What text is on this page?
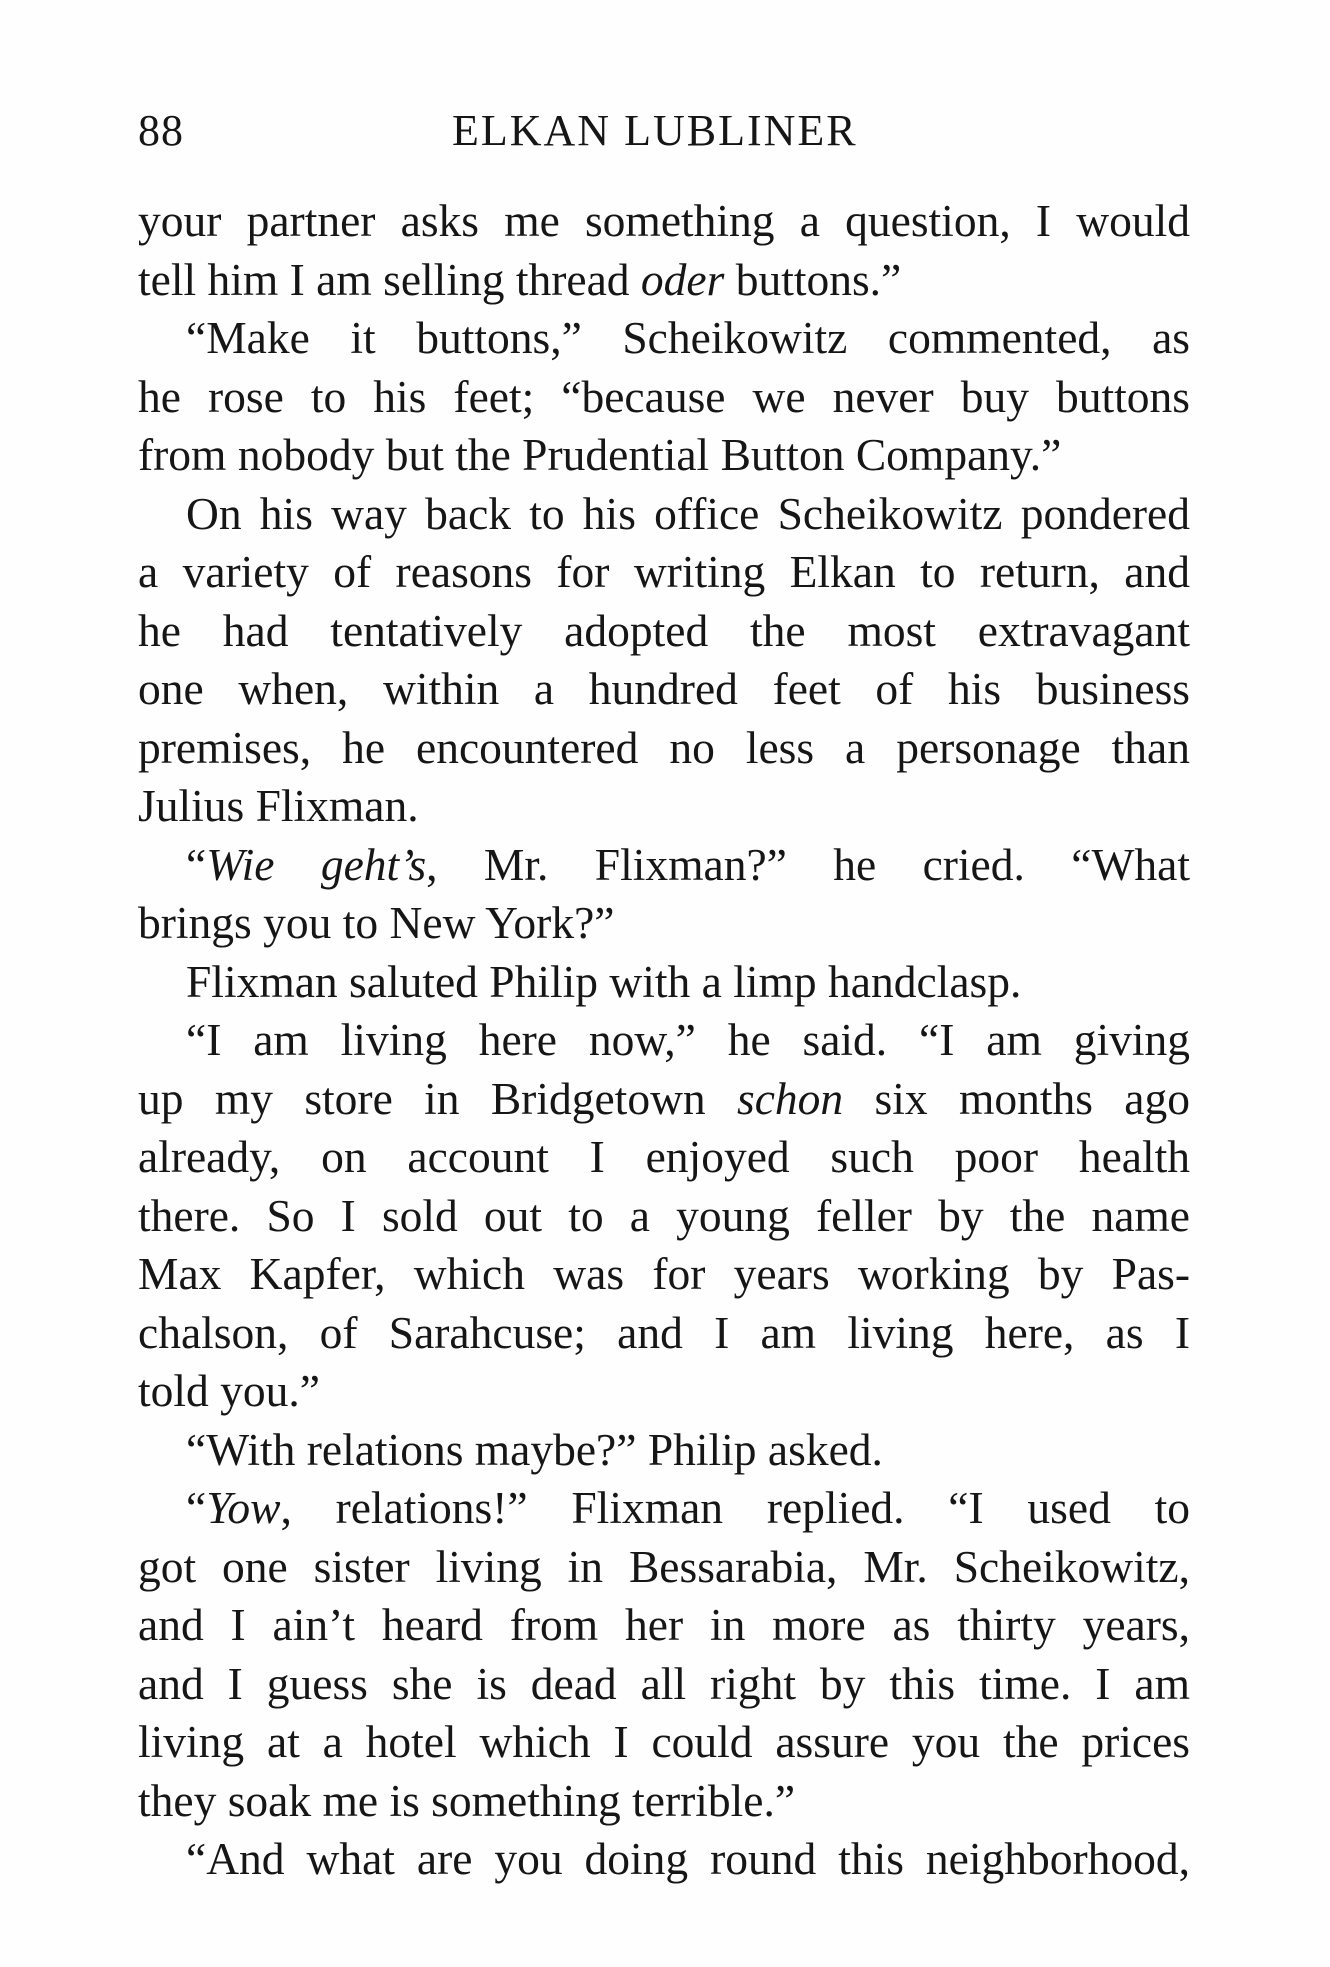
88	ELKAN LUBLINER
your partner asks me something a question, I would
tell him I am selling thread oder buttons.”
“Make it buttons,” Scheikowitz commented, as
he rose to his feet; “because we never buy buttons
from nobody but the Prudential Button Company.”
On his way back to his office Scheikowitz pondered
a variety of reasons for writing Elkan to return, and
he had tentatively adopted the most extravagant
one when, within a hundred feet of his business
premises, he encountered no less a personage than
Julius Flixman.
“Wie geht’s, Mr. Flixman?” he cried. “What
brings you to New York?”
Flixman saluted Philip with a limp handclasp.
“I am living here now,” he said. “I am giving
up my store in Bridgetown schon six months ago
already, on account I enjoyed such poor health
there. So I sold out to a young feller by the name
Max Kapfer, which was for years working by Pas-
chalson, of Sarahcuse; and I am living here, as I
told you.”
“With relations maybe?” Philip asked.
“Yow, relations!” Flixman replied. “I used to
got one sister living in Bessarabia, Mr. Scheikowitz,
and I ain’t heard from her in more as thirty years,
and I guess she is dead all right by this time. I am
living at a hotel which I could assure you the prices
they soak me is something terrible.”
“And what are you doing round this neighborhood,
